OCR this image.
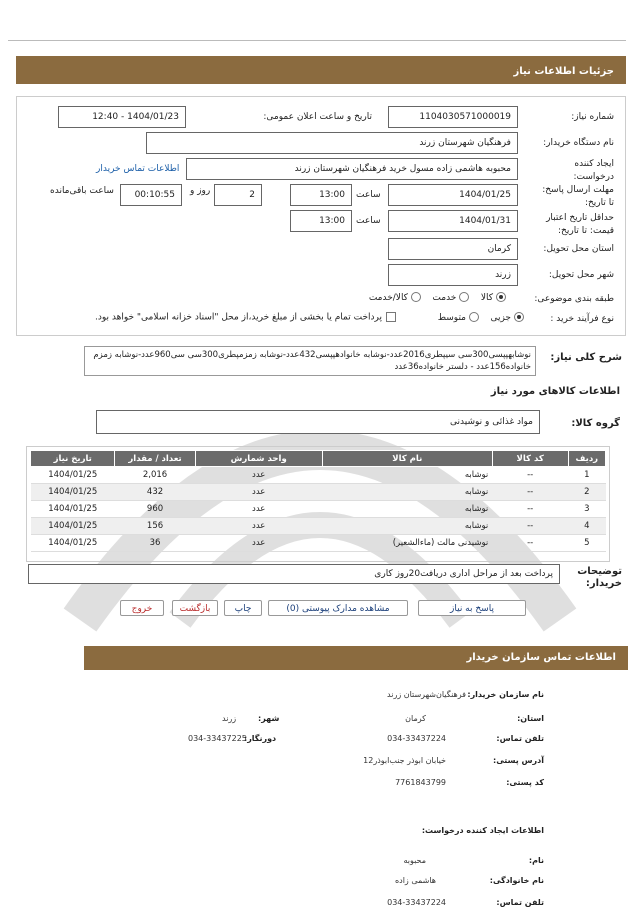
جزئیات اطلاعات نیاز
شماره نیاز:
1104030571000019
تاریخ و ساعت اعلان عمومی:
1404/01/23 - 12:40
نام دستگاه خریدار:
فرهنگیان شهرستان زرند
ایجاد کننده درخواست:
محبوبه هاشمی زاده مسول خرید فرهنگیان شهرستان زرند
اطلاعات تماس خریدار
مهلت ارسال پاسخ: تا تاریخ:
1404/01/25
ساعت
13:00
2
روز و
00:10:55
ساعت باقی‌مانده
حداقل تاریخ اعتبار قیمت: تا تاریخ:
1404/01/31
ساعت
13:00
استان محل تحویل:
کرمان
شهر محل تحویل:
زرند
طبقه بندی موضوعی:
کالا    خدمت    کالا/خدمت
نوع فرآیند خرید :
جزیی    متوسط
پرداخت تمام یا بخشی از مبلغ خرید،از محل "اسناد خزانه اسلامی" خواهد بود.
شرح کلی نیاز:
نوشابهپپسی300سی سیپطری2016عدد-نوشابه خانوادهپپسی432عدد-نوشابه زمزمپطری300سی سی960عدد-نوشابه زمزم خانواده156عدد - دلستر خانواده36عدد
اطلاعات کالاهای مورد نیاز
گروه کالا:
مواد غذائی و نوشیدنی
ردیف	کد کالا	نام کالا	واحد شمارش	تعداد / مقدار	تاریخ نیاز
1	--	نوشابه	عدد	2,016	1404/01/25
2	--	نوشابه	عدد	432	1404/01/25
3	--	نوشابه	عدد	960	1404/01/25
4	--	نوشابه	عدد	156	1404/01/25
5	--	نوشیدنی مالت (ماءالشعیر)	عدد	36	1404/01/25
توضیحات خریدار:
پرداخت بعد از مراحل اداری دریافت20روز کاری
پاسخ به نیاز
مشاهده مدارک پیوستی (0)
چاپ
بازگشت
خروج
اطلاعات تماس سازمان خریدار
نام سازمان خریدار:
فرهنگیان‌شهرستان زرند
استان:
کرمان
شهر:
زرند
تلفن تماس:
034-33437224
دورنگار:
034-33437225
آدرس پستی:
خیابان ابوذر جنب‌ابوذر12
کد پستی:
7761843799
اطلاعات ایجاد کننده درخواست:
نام:
محبوبه
نام خانوادگی:
هاشمی زاده
تلفن تماس:
034-33437224
